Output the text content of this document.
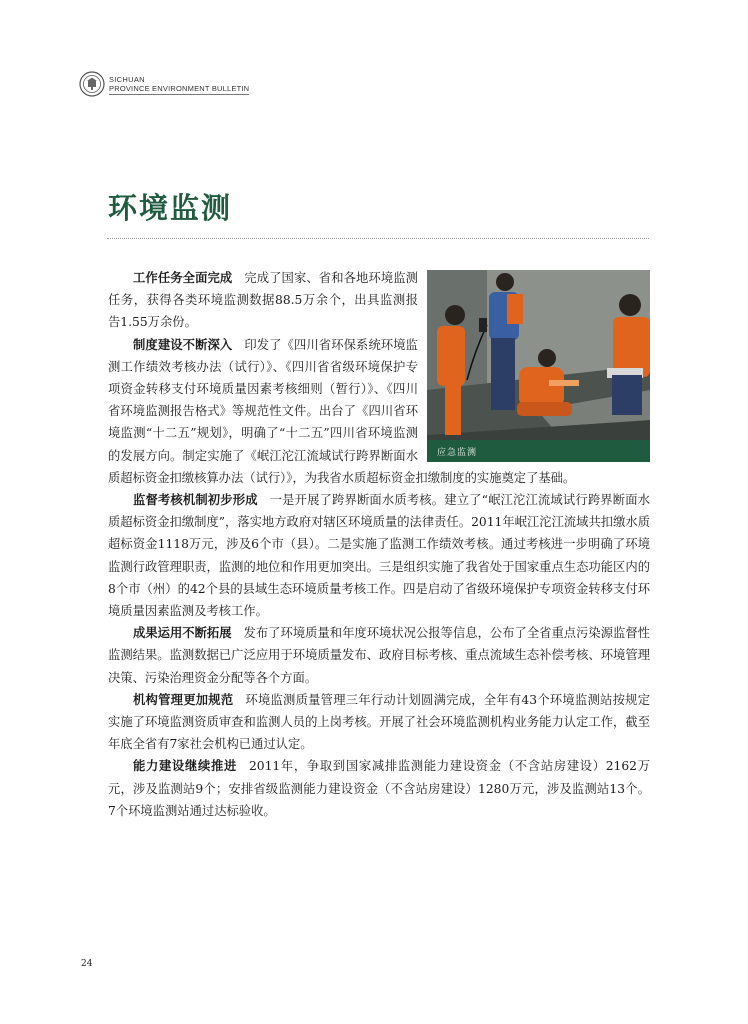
SICHUAN
PROVINCE ENVIRONMENT BULLETIN
环境监测
应急监测

工作任务全面完成 完成了国家、省和各地环境监测任务，获得各类环境监测数据88.5万余个，出具监测报告1.55万余份。

制度建设不断深入 印发了《四川省环保系统环境监测工作绩效考核办法（试行）》、《四川省省级环境保护专项资金转移支付环境质量因素考核细则（暂行）》、《四川省环境监测报告格式》等规范性文件。出台了《四川省环境监测“十二五”规划》，明确了“十二五”四川省环境监测的发展方向。制定实施了《岷江沱江流域试行跨界断面水质超标资金扣缴核算办法（试行）》，为我省水质超标资金扣缴制度的实施奠定了基础。

监督考核机制初步形成 一是开展了跨界断面水质考核。建立了“岷江沱江流域试行跨界断面水质超标资金扣缴制度”，落实地方政府对辖区环境质量的法律责任。2011年岷江沱江流域共扣缴水质超标资金1118万元，涉及6个市（县）。二是实施了监测工作绩效考核。通过考核进一步明确了环境监测行政管理职责，监测的地位和作用更加突出。三是组织实施了我省处于国家重点生态功能区内的8个市（州）的42个县的县域生态环境质量考核工作。四是启动了省级环境保护专项资金转移支付环境质量因素监测及考核工作。

成果运用不断拓展 发布了环境质量和年度环境状况公报等信息，公布了全省重点污染源监督性监测结果。监测数据已广泛应用于环境质量发布、政府目标考核、重点流域生态补偿考核、环境管理决策、污染治理资金分配等各个方面。

机构管理更加规范 环境监测质量管理三年行动计划圆满完成，全年有43个环境监测站按规定实施了环境监测资质审查和监测人员的上岗考核。开展了社会环境监测机构业务能力认定工作，截至年底全省有7家社会机构已通过认定。

能力建设继续推进 2011年，争取到国家减排监测能力建设资金（不含站房建设）2162万元，涉及监测站9个；安排省级监测能力建设资金（不含站房建设）1280万元，涉及监测站13个。7个环境监测站通过达标验收。

24
